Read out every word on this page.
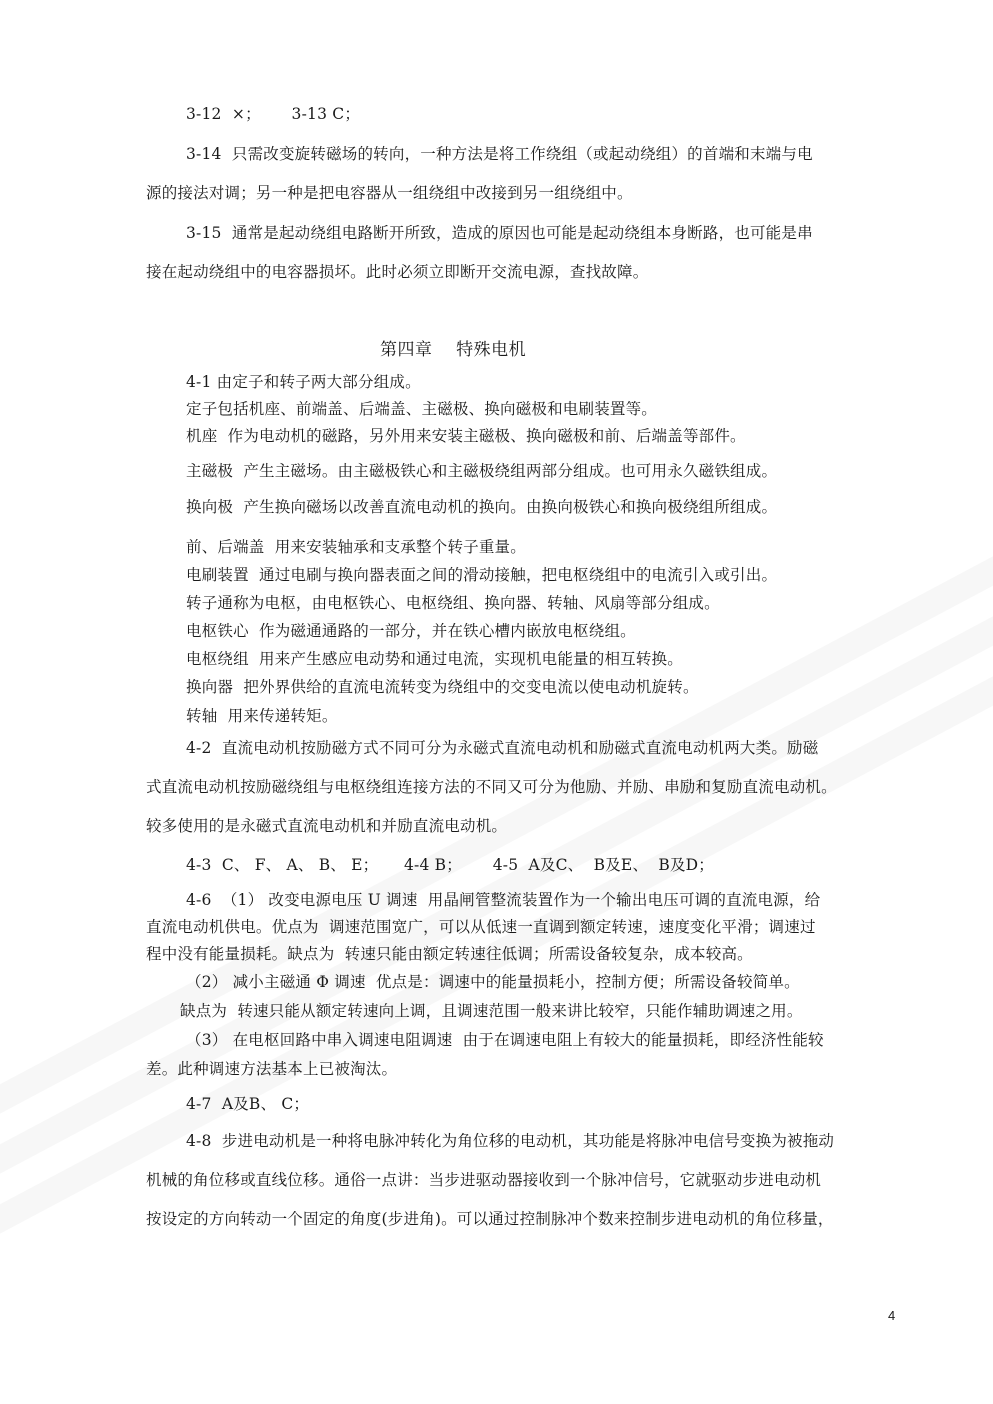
3-12  ×；      3-13 C；
3-14  只需改变旋转磁场的转向，一种方法是将工作绕组（或起动绕组）的首端和末端与电
源的接法对调；另一种是把电容器从一组绕组中改接到另一组绕组中。
3-15  通常是起动绕组电路断开所致，造成的原因也可能是起动绕组本身断路，也可能是串
接在起动绕组中的电容器损坏。此时必须立即断开交流电源，查找故障。
第四章    特殊电机
4-1 由定子和转子两大部分组成。
定子包括机座、前端盖、后端盖、主磁极、换向磁极和电刷装置等。
机座  作为电动机的磁路，另外用来安装主磁极、换向磁极和前、后端盖等部件。
主磁极  产生主磁场。由主磁极铁心和主磁极绕组两部分组成。也可用永久磁铁组成。
换向极  产生换向磁场以改善直流电动机的换向。由换向极铁心和换向极绕组所组成。
前、后端盖  用来安装轴承和支承整个转子重量。
电刷装置  通过电刷与换向器表面之间的滑动接触，把电枢绕组中的电流引入或引出。
转子通称为电枢，由电枢铁心、电枢绕组、换向器、转轴、风扇等部分组成。
电枢铁心  作为磁通通路的一部分，并在铁心槽内嵌放电枢绕组。
电枢绕组  用来产生感应电动势和通过电流，实现机电能量的相互转换。
换向器  把外界供给的直流电流转变为绕组中的交变电流以使电动机旋转。
转轴  用来传递转矩。
4-2  直流电动机按励磁方式不同可分为永磁式直流电动机和励磁式直流电动机两大类。励磁
式直流电动机按励磁绕组与电枢绕组连接方法的不同又可分为他励、并励、串励和复励直流电动机。
较多使用的是永磁式直流电动机和并励直流电动机。
4-3  C、 F、 A、 B、 E；     4-4 B；      4-5  A及C、  B及E、  B及D；
4-6  （1） 改变电源电压 U 调速  用晶闸管整流装置作为一个输出电压可调的直流电源，给
直流电动机供电。优点为  调速范围宽广，可以从低速一直调到额定转速，速度变化平滑；调速过
程中没有能量损耗。缺点为  转速只能由额定转速往低调；所需设备较复杂，成本较高。
（2） 减小主磁通 Φ 调速  优点是：调速中的能量损耗小，控制方便；所需设备较简单。
缺点为  转速只能从额定转速向上调，且调速范围一般来讲比较窄，只能作辅助调速之用。
（3） 在电枢回路中串入调速电阻调速  由于在调速电阻上有较大的能量损耗，即经济性能较
差。此种调速方法基本上已被淘汰。
4-7  A及B、 C；
4-8  步进电动机是一种将电脉冲转化为角位移的电动机，其功能是将脉冲电信号变换为被拖动
机械的角位移或直线位移。通俗一点讲：当步进驱动器接收到一个脉冲信号，它就驱动步进电动机
按设定的方向转动一个固定的角度(步进角)。可以通过控制脉冲个数来控制步进电动机的角位移量，
4
